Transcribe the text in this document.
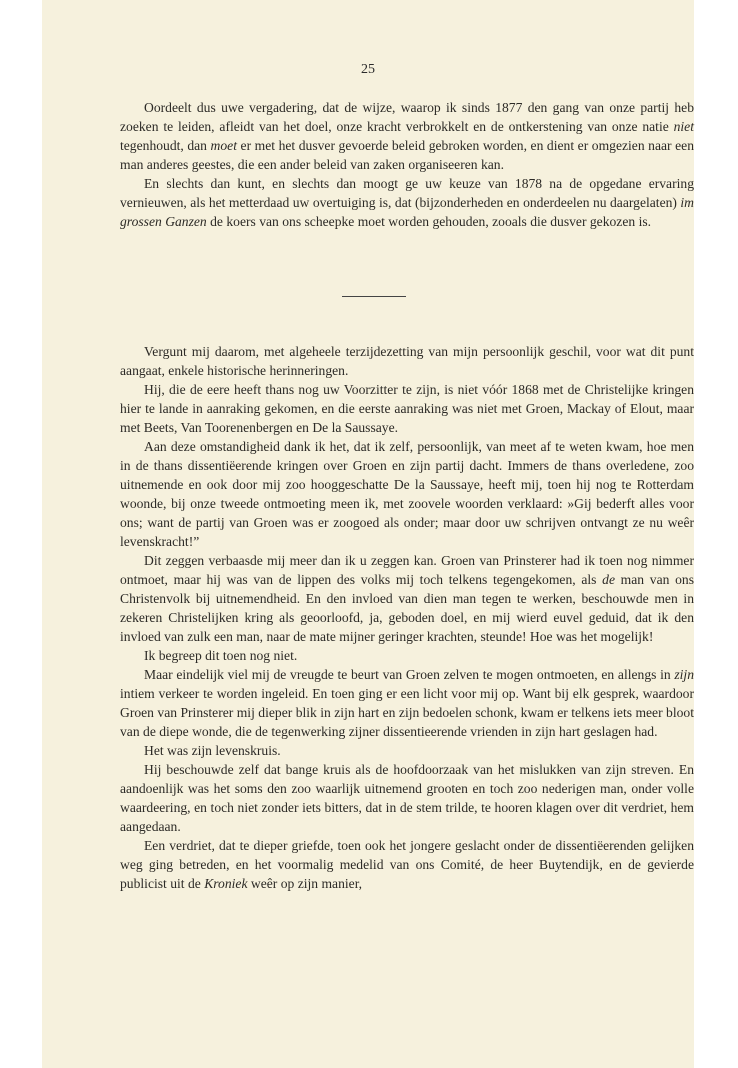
25

Oordeelt dus uwe vergadering, dat de wijze, waarop ik sinds 1877 den gang van onze partij heb zoeken te leiden, afleidt van het doel, onze kracht verbrokkelt en de ontkerstening van onze natie niet tegenhoudt, dan moet er met het dusver gevoerde beleid gebroken worden, en dient er omgezien naar een man anderes geestes, die een ander beleid van zaken organiseeren kan.

En slechts dan kunt, en slechts dan moogt ge uw keuze van 1878 na de opgedane ervaring vernieuwen, als het metterdaad uw overtuiging is, dat (bijzonderheden en onderdeelen nu daargelaten) im grossen Ganzen de koers van ons scheepke moet worden gehouden, zooals die dusver gekozen is.

Vergunt mij daarom, met algeheele terzijdezetting van mijn persoonlijk geschil, voor wat dit punt aangaat, enkele historische herinneringen.

Hij, die de eere heeft thans nog uw Voorzitter te zijn, is niet vóór 1868 met de Christelijke kringen hier te lande in aanraking gekomen, en die eerste aanraking was niet met Groen, Mackay of Elout, maar met Beets, Van Toorenenbergen en De la Saussaye.

Aan deze omstandigheid dank ik het, dat ik zelf, persoonlijk, van meet af te weten kwam, hoe men in de thans dissentiëerende kringen over Groen en zijn partij dacht. Immers de thans overledene, zoo uitnemende en ook door mij zoo hooggeschatte De la Saussaye, heeft mij, toen hij nog te Rotterdam woonde, bij onze tweede ontmoeting meen ik, met zoovele woorden verklaard: »Gij bederft alles voor ons; want de partij van Groen was er zoogoed als onder; maar door uw schrijven ontvangt ze nu weêr levenskracht!”

Dit zeggen verbaasde mij meer dan ik u zeggen kan. Groen van Prinsterer had ik toen nog nimmer ontmoet, maar hij was van de lippen des volks mij toch telkens tegengekomen, als de man van ons Christenvolk bij uitnemendheid. En den invloed van dien man tegen te werken, beschouwde men in zekeren Christelijken kring als geoorloofd, ja, geboden doel, en mij wierd euvel geduid, dat ik den invloed van zulk een man, naar de mate mijner geringer krachten, steunde! Hoe was het mogelijk!

Ik begreep dit toen nog niet.

Maar eindelijk viel mij de vreugde te beurt van Groen zelven te mogen ontmoeten, en allengs in zijn intiem verkeer te worden ingeleid. En toen ging er een licht voor mij op. Want bij elk gesprek, waardoor Groen van Prinsterer mij dieper blik in zijn hart en zijn bedoelen schonk, kwam er telkens iets meer bloot van de diepe wonde, die de tegenwerking zijner dissentieerende vrienden in zijn hart geslagen had.

Het was zijn levenskruis.

Hij beschouwde zelf dat bange kruis als de hoofdoorzaak van het mislukken van zijn streven. En aandoenlijk was het soms den zoo waarlijk uitnemend grooten en toch zoo nederigen man, onder volle waardeering, en toch niet zonder iets bitters, dat in de stem trilde, te hooren klagen over dit verdriet, hem aangedaan.

Een verdriet, dat te dieper griefde, toen ook het jongere geslacht onder de dissentiëerenden gelijken weg ging betreden, en het voormalig medelid van ons Comité, de heer Buytendijk, en de gevierde publicist uit de Kroniek weêr op zijn manier,
